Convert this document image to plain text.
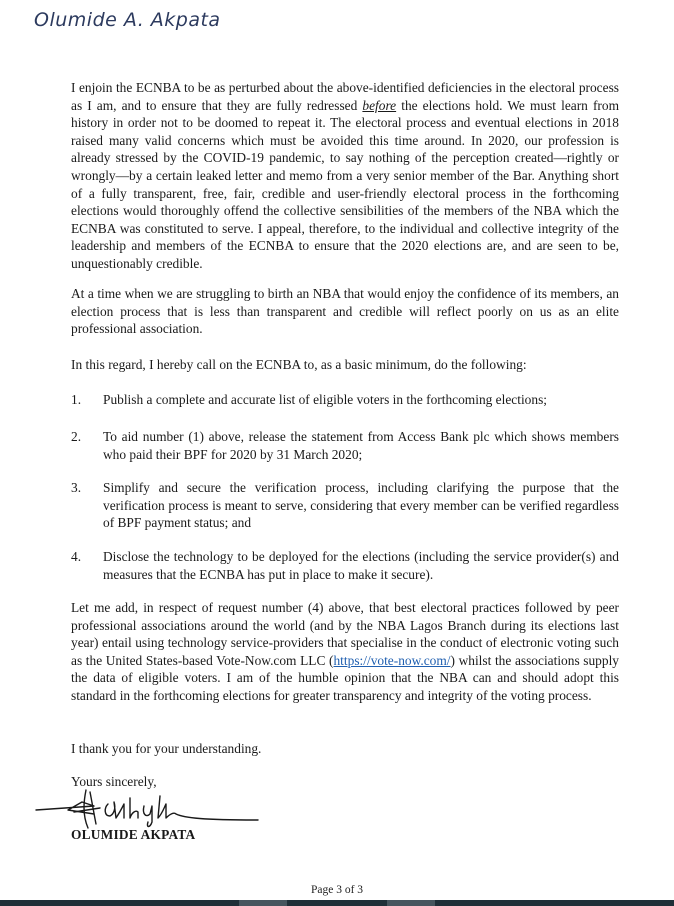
Olumide A. Akpata

I enjoin the ECNBA to be as perturbed about the above-identified deficiencies in the electoral process as I am, and to ensure that they are fully redressed before the elections hold. We must learn from history in order not to be doomed to repeat it. The electoral process and eventual elections in 2018 raised many valid concerns which must be avoided this time around. In 2020, our profession is already stressed by the COVID-19 pandemic, to say nothing of the perception created—rightly or wrongly—by a certain leaked letter and memo from a very senior member of the Bar. Anything short of a fully transparent, free, fair, credible and user-friendly electoral process in the forthcoming elections would thoroughly offend the collective sensibilities of the members of the NBA which the ECNBA was constituted to serve. I appeal, therefore, to the individual and collective integrity of the leadership and members of the ECNBA to ensure that the 2020 elections are, and are seen to be, unquestionably credible.

At a time when we are struggling to birth an NBA that would enjoy the confidence of its members, an election process that is less than transparent and credible will reflect poorly on us as an elite professional association.

In this regard, I hereby call on the ECNBA to, as a basic minimum, do the following:

1.	Publish a complete and accurate list of eligible voters in the forthcoming elections;
2.	To aid number (1) above, release the statement from Access Bank plc which shows members who paid their BPF for 2020 by 31 March 2020;
3.	Simplify and secure the verification process, including clarifying the purpose that the verification process is meant to serve, considering that every member can be verified regardless of BPF payment status; and
4.	Disclose the technology to be deployed for the elections (including the service provider(s) and measures that the ECNBA has put in place to make it secure).

Let me add, in respect of request number (4) above, that best electoral practices followed by peer professional associations around the world (and by the NBA Lagos Branch during its elections last year) entail using technology service-providers that specialise in the conduct of electronic voting such as the United States-based Vote-Now.com LLC (https://vote-now.com/) whilst the associations supply the data of eligible voters. I am of the humble opinion that the NBA can and should adopt this standard in the forthcoming elections for greater transparency and integrity of the voting process.

I thank you for your understanding.

Yours sincerely,
OLUMIDE AKPATA
Page 3 of 3
